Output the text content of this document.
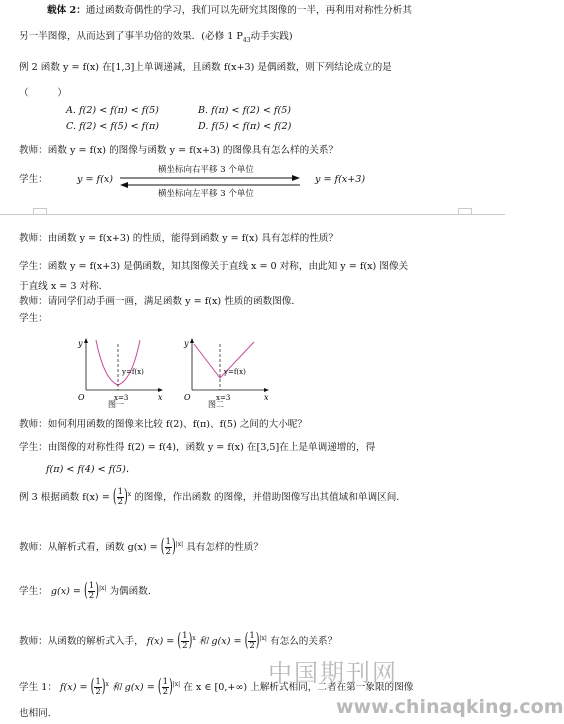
载体 2：通过函数奇偶性的学习，我们可以先研究其图像的一半，再利用对称性分析其
另一半图像，从而达到了事半功倍的效果．(必修 1 $P_{43}$动手实践)
例 2 函数 y = f(x) 在[1,3]上单调递减，且函数 f(x+3) 是偶函数，则下列结论成立的是
（　　　）
A. f(2) < f(π) < f(5)	B. f(π) < f(2) < f(5)
C. f(2) < f(5) < f(π)	D. f(5) < f(π) < f(2)
教师：函数 y = f(x) 的图像与函数 y = f(x+3) 的图像具有怎么样的关系？
学生：	y = f(x)
横坐标向右平移 3 个单位
横坐标向左平移 3 个单位
y = f(x+3)
教师：由函数 y = f(x+3) 的性质，能得到函数 y = f(x) 具有怎样的性质？
学生：函数 y = f(x+3) 是偶函数，知其图像关于直线 x = 0 对称，由此知 y = f(x) 图像关
于直线 x = 3 对称．
教师：请同学们动手画一画，满足函数 y = f(x) 性质的函数图像．
学生：
y
x
O
y=f(x)
x=3
图一
y
x
O
y=f(x)
x=3
图二
教师：如何利用函数的图像来比较 f(2)、f(π)、f(5) 之间的大小呢？
学生：由图像的对称性得 f(2) = f(4)，函数 y = f(x) 在[3,5]在上是单调递增的，得
f(π) < f(4) < f(5)．
例 3 根据函数 f(x) = ( $\frac{1}{2} )^x$ 的图像，作出函数 的图像，并借助图像写出其值域和单调区间.
教师：从解析式看，函数 g(x) = ( $\frac{1}{2} )^{|x|}$ 具有怎样的性质？
学生： g(x) = ( $\frac{1}{2} )^{|x|}$ 为偶函数.
教师：从函数的解析式入手， f(x) = ( $\frac{1}{2} )^x$ 和 g(x) = ( $\frac{1}{2} )^{|x|}$ 有怎么的关系？
学生 1： f(x) = ( $\frac{1}{2} )^x$ 和 g(x) = ( $\frac{1}{2} )^{|x|}$ 在 x ∈ [0,+∞) 上解析式相同，二者在第一象限的图像
也相同.
中国期刊网
www.chinaqking.com
